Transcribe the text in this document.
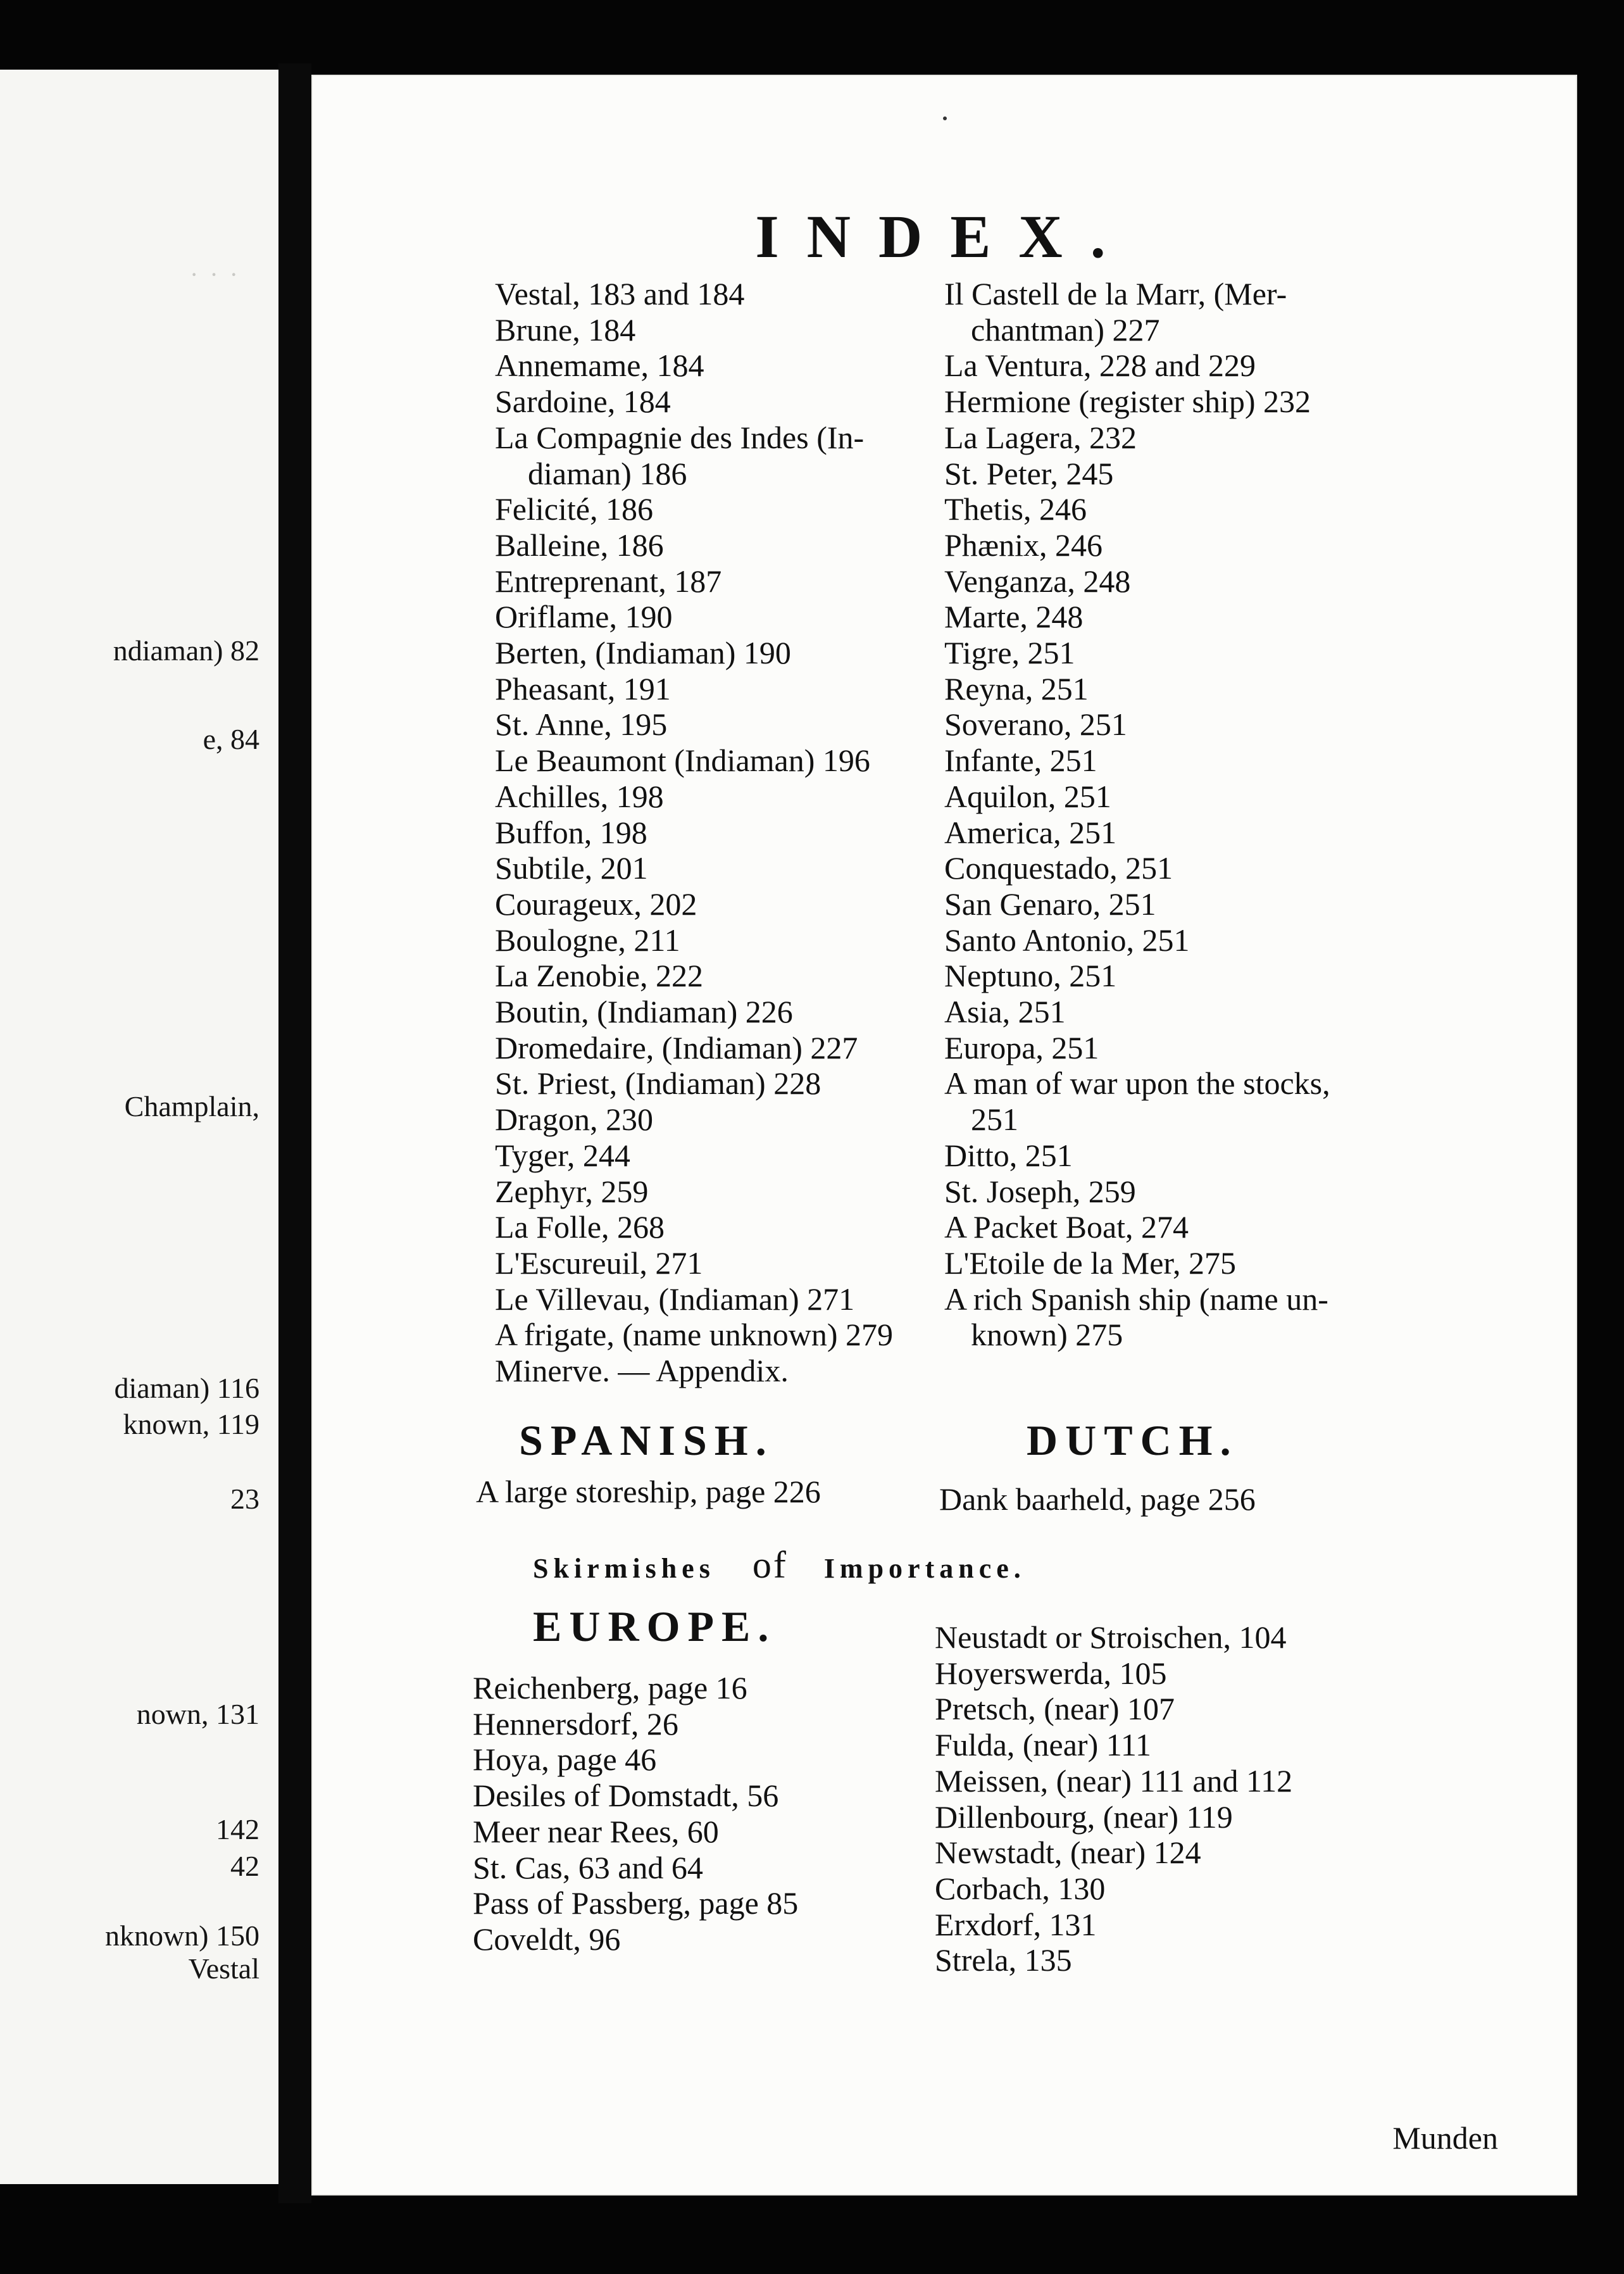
· · ·
ndiaman) 82
e, 84
Champlain,
diaman) 116
known, 119
23
nown, 131
142
42
nknown) 150
Vestal
INDEX.
Vestal, 183 and 184
Brune, 184
Annemame, 184
Sardoine, 184
La Compagnie des Indes (In-
diaman) 186
Felicité, 186
Balleine, 186
Entreprenant, 187
Oriflame, 190
Berten, (Indiaman) 190
Pheasant, 191
St. Anne, 195
Le Beaumont (Indiaman) 196
Achilles, 198
Buffon, 198
Subtile, 201
Courageux, 202
Boulogne, 211
La Zenobie, 222
Boutin, (Indiaman) 226
Dromedaire, (Indiaman) 227
St. Priest, (Indiaman) 228
Dragon, 230
Tyger, 244
Zephyr, 259
La Folle, 268
L'Escureuil, 271
Le Villevau, (Indiaman) 271
A frigate, (name unknown) 279
Minerve. — Appendix.
Il Castell de la Marr, (Mer-
chantman) 227
La Ventura, 228 and 229
Hermione (register ship) 232
La Lagera, 232
St. Peter, 245
Thetis, 246
Phænix, 246
Venganza, 248
Marte, 248
Tigre, 251
Reyna, 251
Soverano, 251
Infante, 251
Aquilon, 251
America, 251
Conquestado, 251
San Genaro, 251
Santo Antonio, 251
Neptuno, 251
Asia, 251
Europa, 251
A man of war upon the stocks,
251
Ditto, 251
St. Joseph, 259
A Packet Boat, 274
L'Etoile de la Mer, 275
A rich Spanish ship (name un-
known) 275
SPANISH.
A large storeship, page 226
DUTCH.
Dank baarheld, page 256
Skirmishes of Importance.
EUROPE.
Reichenberg, page 16
Hennersdorf, 26
Hoya, page 46
Desiles of Domstadt, 56
Meer near Rees, 60
St. Cas, 63 and 64
Pass of Passberg, page 85
Coveldt, 96
Neustadt or Stroischen, 104
Hoyerswerda, 105
Pretsch, (near) 107
Fulda, (near) 111
Meissen, (near) 111 and 112
Dillenbourg, (near) 119
Newstadt, (near) 124
Corbach, 130
Erxdorf, 131
Strela, 135
Munden
